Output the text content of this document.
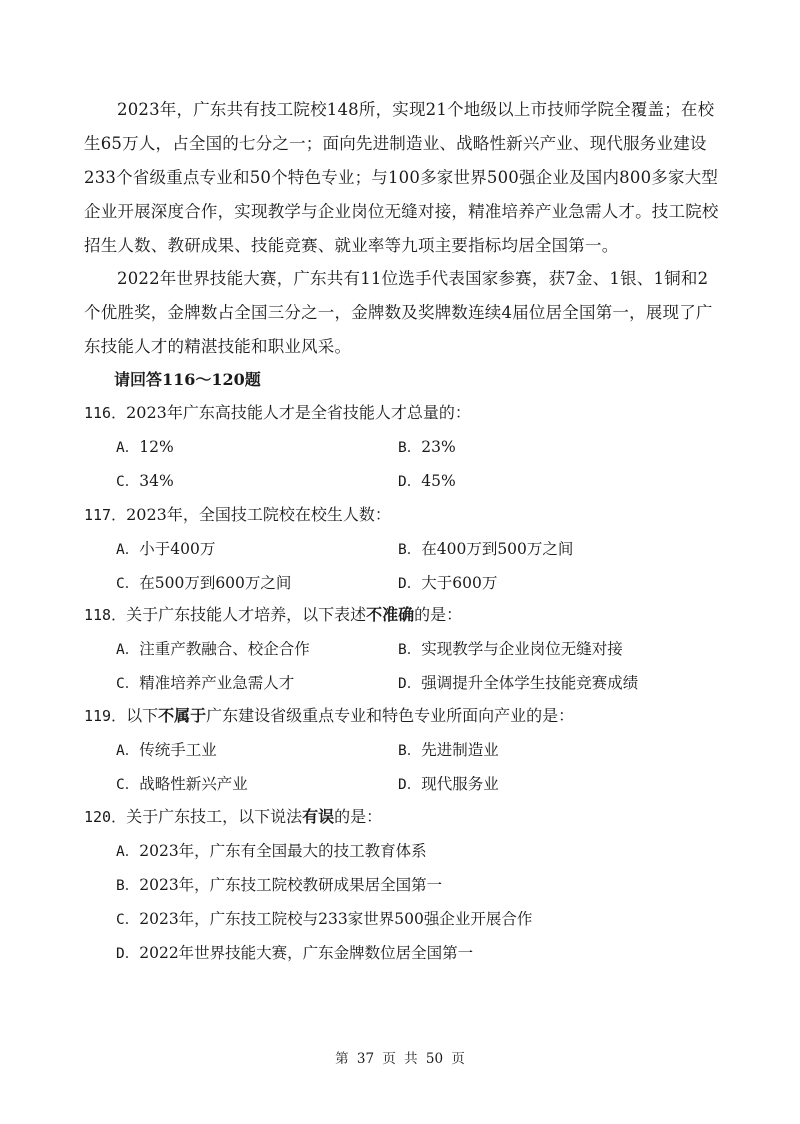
2023年，广东共有技工院校148所，实现21个地级以上市技师学院全覆盖；在校生65万人，占全国的七分之一；面向先进制造业、战略性新兴产业、现代服务业建设233个省级重点专业和50个特色专业；与100多家世界500强企业及国内800多家大型企业开展深度合作，实现教学与企业岗位无缝对接，精准培养产业急需人才。技工院校招生人数、教研成果、技能竞赛、就业率等九项主要指标均居全国第一。

2022年世界技能大赛，广东共有11位选手代表国家参赛，获7金、1银、1铜和2个优胜奖，金牌数占全国三分之一，金牌数及奖牌数连续4届位居全国第一，展现了广东技能人才的精湛技能和职业风采。

请回答116～120题

116．2023年广东高技能人才是全省技能人才总量的：
A．12%	B．23%
C．34%	D．45%
117．2023年，全国技工院校在校生人数：
A．小于400万	B．在400万到500万之间
C．在500万到600万之间	D．大于600万
118．关于广东技能人才培养，以下表述不准确的是：
A．注重产教融合、校企合作	B．实现教学与企业岗位无缝对接
C．精准培养产业急需人才	D．强调提升全体学生技能竞赛成绩
119．以下不属于广东建设省级重点专业和特色专业所面向产业的是：
A．传统手工业	B．先进制造业
C．战略性新兴产业	D．现代服务业
120．关于广东技工，以下说法有误的是：
A．2023年，广东有全国最大的技工教育体系
B．2023年，广东技工院校教研成果居全国第一
C．2023年，广东技工院校与233家世界500强企业开展合作
D．2022年世界技能大赛，广东金牌数位居全国第一
第 37 页 共 50 页
